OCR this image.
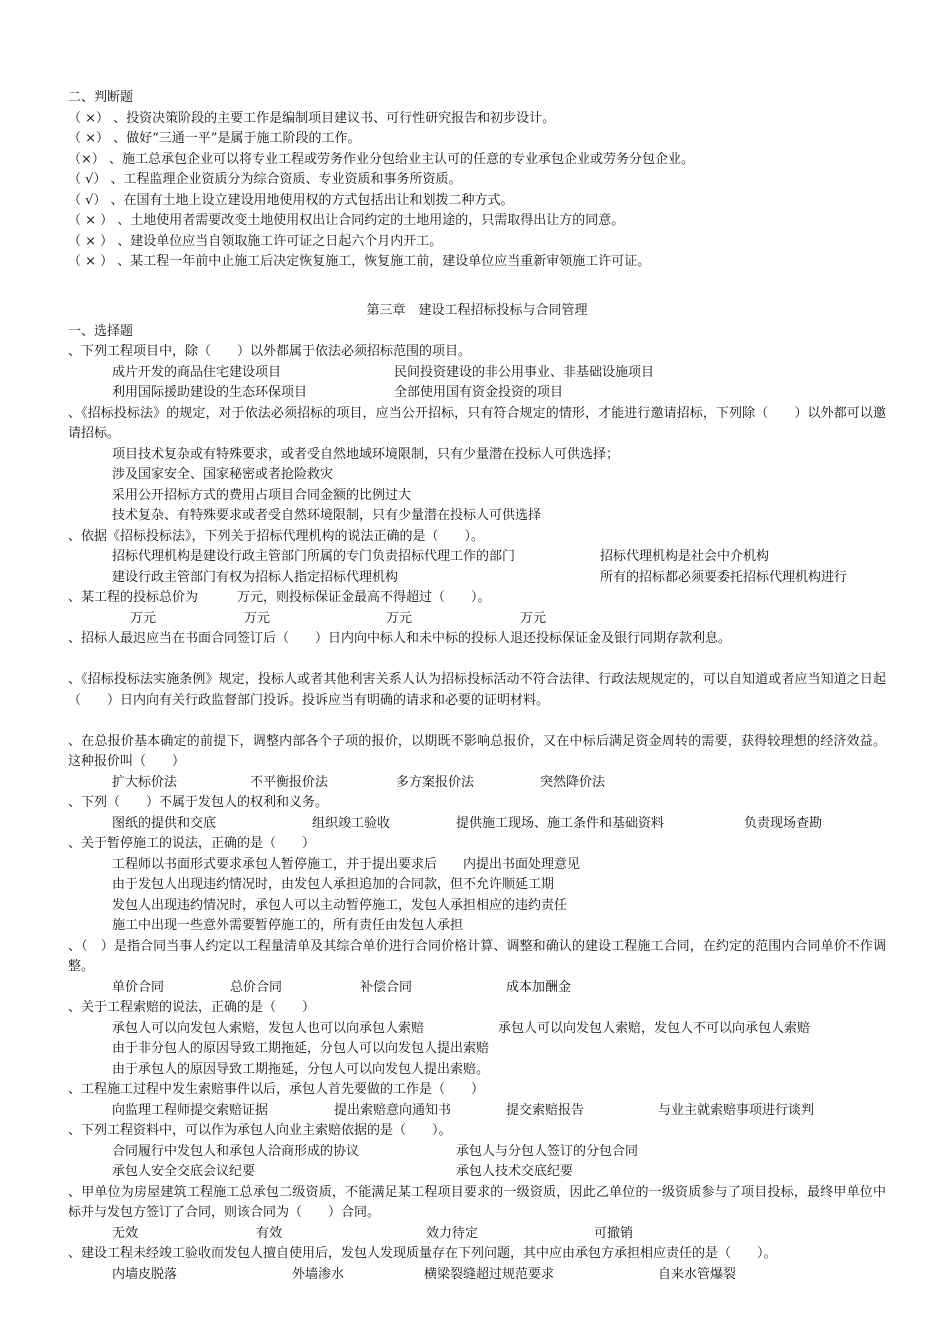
二、判断题
（ ×） 、投资决策阶段的主要工作是编制项目建议书、可行性研究报告和初步设计。
（ ×） 、做好“三通一平”是属于施工阶段的工作。
（×） 、施工总承包企业可以将专业工程或劳务作业分包给业主认可的任意的专业承包企业或劳务分包企业。
（ √） 、工程监理企业资质分为综合资质、专业资质和事务所资质。
（ √） 、在国有土地上设立建设用地使用权的方式包括出让和划拨二种方式。
（ × ） 、土地使用者需要改变土地使用权出让合同约定的土地用途的，只需取得出让方的同意。
（ × ） 、建设单位应当自领取施工许可证之日起六个月内开工。
（ × ） 、某工程一年前中止施工后决定恢复施工，恢复施工前，建设单位应当重新审领施工许可证。
第三章　建设工程招标投标与合同管理
一、选择题
、下列工程项目中，除（　　）以外都属于依法必须招标范围的项目。
成片开发的商品住宅建设项目	民间投资建设的非公用事业、非基础设施项目
利用国际援助建设的生态环保项目	全部使用国有资金投资的项目
、《招标投标法》的规定，对于依法必须招标的项目，应当公开招标，只有符合规定的情形，才能进行邀请招标，下列除（　　）以外都可以邀请招标。
项目技术复杂或有特殊要求，或者受自然地域环境限制，只有少量潜在投标人可供选择；
涉及国家安全、国家秘密或者抢险救灾
采用公开招标方式的费用占项目合同金额的比例过大
技术复杂、有特殊要求或者受自然环境限制，只有少量潜在投标人可供选择
、依据《招标投标法》，下列关于招标代理机构的说法正确的是（　　）。
招标代理机构是建设行政主管部门所属的专门负责招标代理工作的部门	招标代理机构是社会中介机构
建设行政主管部门有权为招标人指定招标代理机构	所有的招标都必须要委托招标代理机构进行
、某工程的投标总价为　　　万元，则投标保证金最高不得超过（　　）。
万元	万元	万元	万元
、招标人最迟应当在书面合同签订后（　　）日内向中标人和未中标的投标人退还投标保证金及银行同期存款利息。
、《招标投标法实施条例》规定，投标人或者其他利害关系人认为招标投标活动不符合法律、行政法规规定的，可以自知道或者应当知道之日起（　　）日内向有关行政监督部门投诉。投诉应当有明确的请求和必要的证明材料。
、在总报价基本确定的前提下，调整内部各个子项的报价，以期既不影响总报价，又在中标后满足资金周转的需要，获得较理想的经济效益。这种报价叫（　　）
扩大标价法	不平衡报价法	多方案报价法	突然降价法
、下列（　　）不属于发包人的权利和义务。
图纸的提供和交底	组织竣工验收	提供施工现场、施工条件和基础资料	负责现场查勘
、关于暂停施工的说法，正确的是（　　）
工程师以书面形式要求承包人暂停施工，并于提出要求后　　内提出书面处理意见
由于发包人出现违约情况时，由发包人承担追加的合同款，但不允许顺延工期
发包人出现违约情况时，承包人可以主动暂停施工，发包人承担相应的违约责任
施工中出现一些意外需要暂停施工的，所有责任由发包人承担
、（　）是指合同当事人约定以工程量清单及其综合单价进行合同价格计算、调整和确认的建设工程施工合同，在约定的范围内合同单价不作调整。
单价合同	总价合同	补偿合同	成本加酬金
、关于工程索赔的说法，正确的是（　　）
承包人可以向发包人索赔，发包人也可以向承包人索赔	承包人可以向发包人索赔，发包人不可以向承包人索赔
由于非分包人的原因导致工期拖延，分包人可以向发包人提出索赔
由于承包人的原因导致工期拖延，分包人可以向发包人提出索赔。
、工程施工过程中发生索赔事件以后，承包人首先要做的工作是（　　）
向监理工程师提交索赔证据	提出索赔意向通知书	提交索赔报告	与业主就索赔事项进行谈判
、下列工程资料中，可以作为承包人向业主索赔依据的是（　　）。
合同履行中发包人和承包人洽商形成的协议	承包人与分包人签订的分包合同
承包人安全交底会议纪要	承包人技术交底纪要
、甲单位为房屋建筑工程施工总承包二级资质，不能满足某工程项目要求的一级资质，因此乙单位的一级资质参与了项目投标，最终甲单位中标并与发包方签订了合同，则该合同为（　　）合同。
无效	有效	效力待定	可撤销
、建设工程未经竣工验收而发包人擅自使用后，发包人发现质量存在下列问题，其中应由承包方承担相应责任的是（　　）。
内墙皮脱落	外墙渗水	横梁裂缝超过规范要求	自来水管爆裂
